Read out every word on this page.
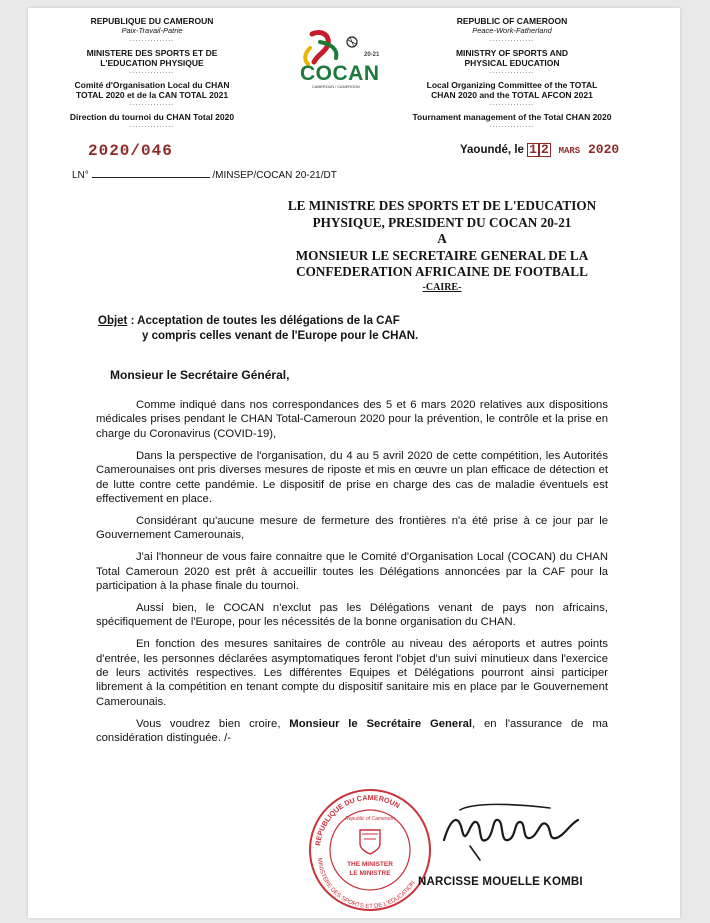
REPUBLIQUE DU CAMEROUN
Paix-Travail-Patrie
...............
MINISTERE DES SPORTS ET DE
L'EDUCATION PHYSIQUE
...............
Comité d'Organisation Local du CHAN
TOTAL 2020 et de la CAN TOTAL 2021
...............
Direction du tournoi du CHAN Total 2020
...............
20-21
COCAN
CAMEROUN / CAMEROON
REPUBLIC OF CAMEROON
Peace-Work-Fatherland
...............
MINISTRY OF SPORTS AND
PHYSICAL EDUCATION
...............
Local Organizing Committee of the TOTAL
CHAN 2020 and the TOTAL AFCON 2021
...............
Tournament management of the Total CHAN 2020
...............
2020/046
LN°	/MINSEP/COCAN 20-21/DT
Yaoundé, le 1 2 MARS 2020
LE MINISTRE DES SPORTS ET DE L'EDUCATION
PHYSIQUE, PRESIDENT DU COCAN 20-21
A
MONSIEUR LE SECRETAIRE GENERAL DE LA
CONFEDERATION AFRICAINE DE FOOTBALL
-CAIRE-
Objet : Acceptation de toutes les délégations de la CAF
y compris celles venant de l'Europe pour le CHAN.
Monsieur le Secrétaire Général,

Comme indiqué dans nos correspondances des 5 et 6 mars 2020 relatives aux dispositions médicales prises pendant le CHAN Total-Cameroun 2020 pour la prévention, le contrôle et la prise en charge du Coronavirus (COVID-19),

Dans la perspective de l'organisation, du 4 au 5 avril 2020 de cette compétition, les Autorités Camerounaises ont pris diverses mesures de riposte et mis en œuvre un plan efficace de détection et de lutte contre cette pandémie. Le dispositif de prise en charge des cas de maladie éventuels est effectivement en place.

Considérant qu'aucune mesure de fermeture des frontières n'a été prise à ce jour par le Gouvernement Camerounais,

J'ai l'honneur de vous faire connaitre que le Comité d'Organisation Local (COCAN) du CHAN Total Cameroun 2020 est prêt à accueillir toutes les Délégations annoncées par la CAF pour la participation à la phase finale du tournoi.

Aussi bien, le COCAN n'exclut pas les Délégations venant de pays non africains, spécifiquement de l'Europe, pour les nécessités de la bonne organisation du CHAN.

En fonction des mesures sanitaires de contrôle au niveau des aéroports et autres points d'entrée, les personnes déclarées asymptomatiques feront l'objet d'un suivi minutieux dans l'exercice de leurs activités respectives. Les différentes Equipes et Délégations pourront ainsi participer librement à la compétition en tenant compte du dispositif sanitaire mis en place par le Gouvernement Camerounais.

Vous voudrez bien croire, Monsieur le Secrétaire General, en l'assurance de ma considération distinguée. /-

REPUBLIQUE DU CAMEROUN
MINISTERE DES SPORTS ET DE L'EDUCATION
Republic of Cameroon
THE MINISTER
LE MINISTRE
NARCISSE MOUELLE KOMBI
